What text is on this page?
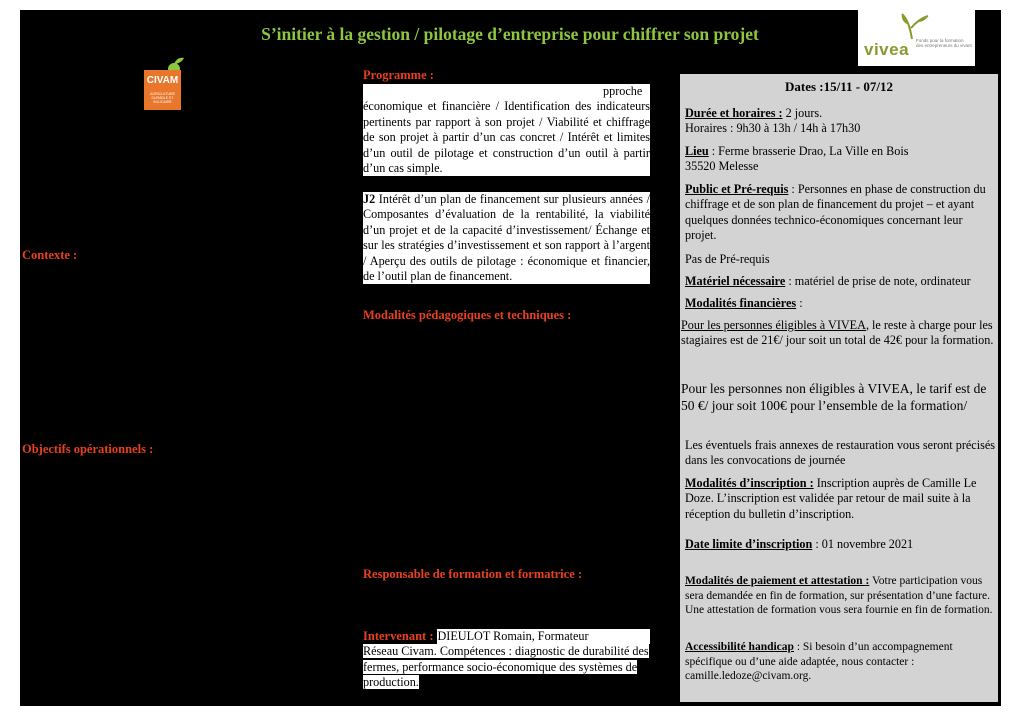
S’initier à la gestion / pilotage d’entreprise pour chiffrer son projet
vivea Fonds pour la formation des entrepreneurs du vivant
CIVAM
AGRICULTURE DURABLE ET SOLIDAIRE
Contexte :
Objectifs opérationnels :
Programme :
pproche économique et financière / Identification des indicateurs pertinents par rapport à son projet / Viabilité et chiffrage de son projet à partir d’un cas concret / Intérêt et limites d’un outil de pilotage et construction d’un outil à partir d’un cas simple.
J2 Intérêt d’un plan de financement sur plusieurs années / Composantes d’évaluation de la rentabilité, la viabilité d’un projet et de la capacité d’investissement/ Échange et sur les stratégies d’investissement et son rapport à l’argent / Aperçu des outils de pilotage : économique et financier, de l’outil plan de financement.
Modalités pédagogiques et techniques :
Responsable de formation et formatrice :
Intervenant : DIEULOT Romain, Formateur
Réseau Civam. Compétences : diagnostic de durabilité des fermes, performance socio-économique des systèmes de production.
Dates :15/11 - 07/12
Durée et horaires : 2 jours.
Horaires : 9h30 à 13h / 14h à 17h30
Lieu : Ferme brasserie Drao, La Ville en Bois
35520 Melesse
Public et Pré-requis : Personnes en phase de construction du chiffrage et de son plan de financement du projet – et ayant quelques données technico-économiques concernant leur projet.
Pas de Pré-requis
Matériel nécessaire : matériel de prise de note, ordinateur
Modalités financières :
Pour les personnes éligibles à VIVEA, le reste à charge pour les stagiaires est de 21€/ jour soit un total de 42€ pour la formation.
Pour les personnes non éligibles à VIVEA, le tarif est de 50 €/ jour soit 100€ pour l’ensemble de la formation/
Les éventuels frais annexes de restauration vous seront précisés dans les convocations de journée
Modalités d’inscription : Inscription auprès de Camille Le Doze. L’inscription est validée par retour de mail suite à la réception du bulletin d’inscription.
Date limite d’inscription : 01 novembre 2021
Modalités de paiement et attestation : Votre participation vous sera demandée en fin de formation, sur présentation d’une facture. Une attestation de formation vous sera fournie en fin de formation.
Accessibilité handicap : Si besoin d’un accompagnement spécifique ou d’une aide adaptée, nous contacter : camille.ledoze@civam.org.
